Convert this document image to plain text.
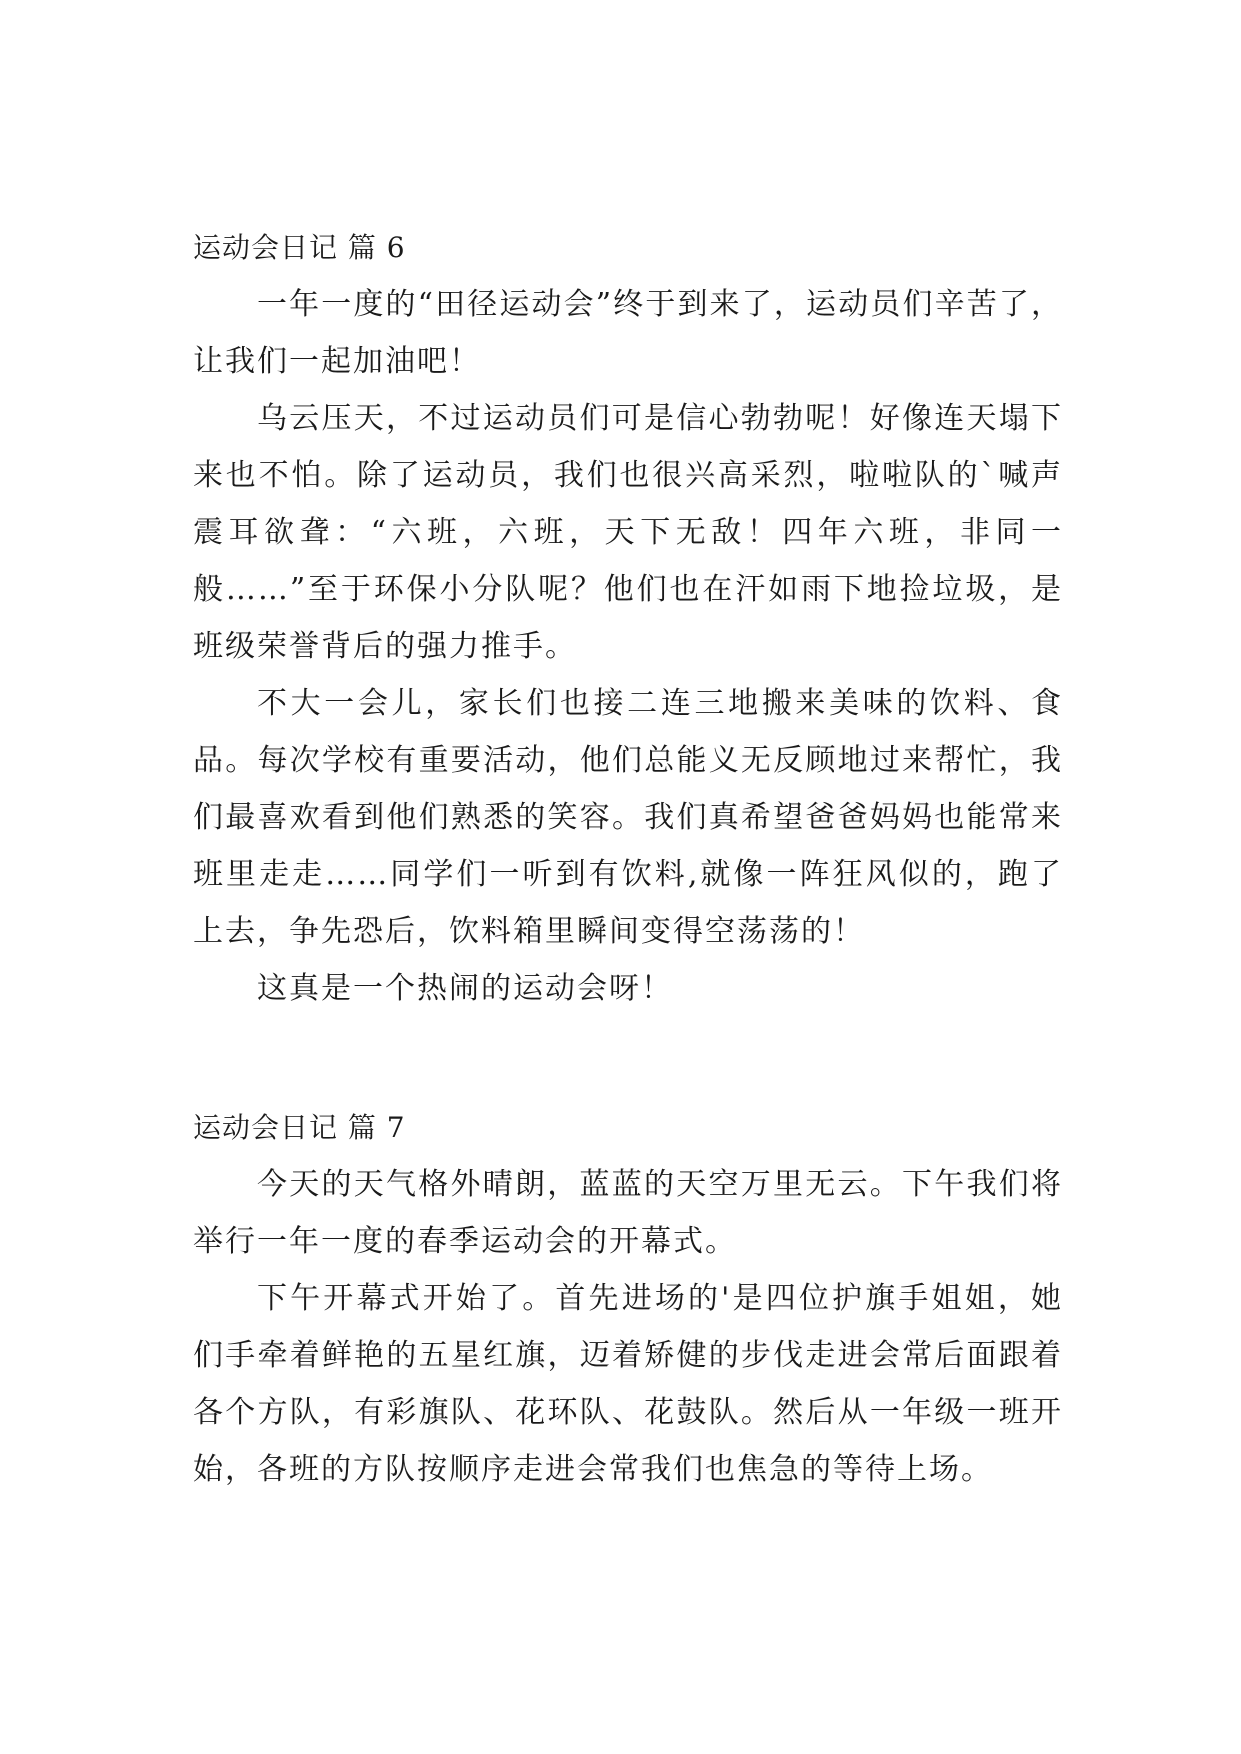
运动会日记 篇 6

一年一度的“田径运动会”终于到来了，运动员们辛苦了，让我们一起加油吧！

乌云压天，不过运动员们可是信心勃勃呢！好像连天塌下来也不怕。除了运动员，我们也很兴高采烈，啦啦队的`喊声震耳欲聋：“六班，六班，天下无敌！四年六班，非同一般……”至于环保小分队呢？他们也在汗如雨下地捡垃圾，是班级荣誉背后的强力推手。

不大一会儿，家长们也接二连三地搬来美味的饮料、食品。每次学校有重要活动，他们总能义无反顾地过来帮忙，我们最喜欢看到他们熟悉的笑容。我们真希望爸爸妈妈也能常来班里走走……同学们一听到有饮料,就像一阵狂风似的，跑了上去，争先恐后，饮料箱里瞬间变得空荡荡的！

这真是一个热闹的运动会呀！

运动会日记 篇 7

今天的天气格外晴朗，蓝蓝的天空万里无云。下午我们将举行一年一度的春季运动会的开幕式。

下午开幕式开始了。首先进场的'是四位护旗手姐姐，她们手牵着鲜艳的五星红旗，迈着矫健的步伐走进会常后面跟着各个方队，有彩旗队、花环队、花鼓队。然后从一年级一班开始，各班的方队按顺序走进会常我们也焦急的等待上场。
